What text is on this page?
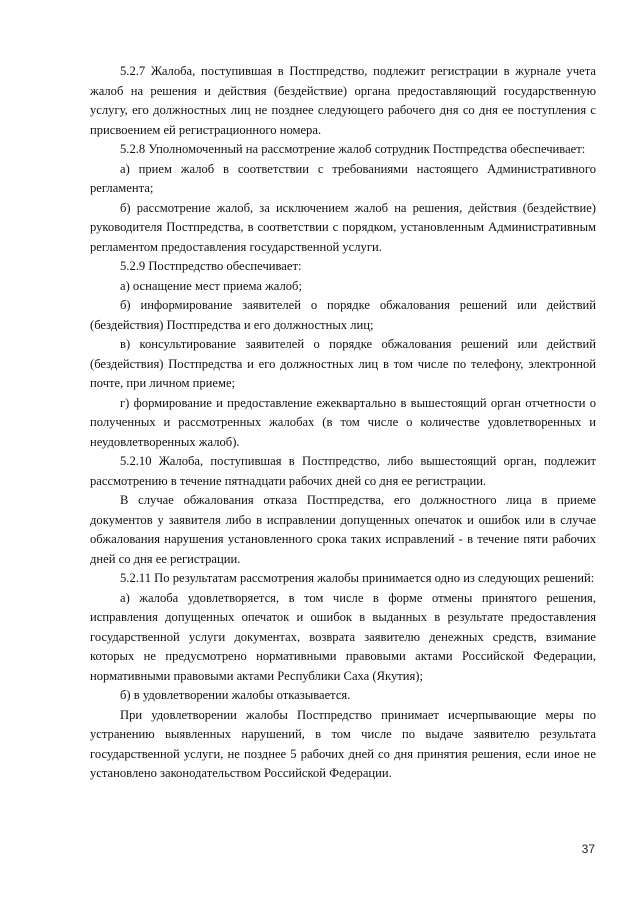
5.2.7 Жалоба, поступившая в Постпредство, подлежит регистрации в журнале учета жалоб на решения и действия (бездействие) органа предоставляющий государственную услугу, его должностных лиц не позднее следующего рабочего дня со дня ее поступления с присвоением ей регистрационного номера.

5.2.8 Уполномоченный на рассмотрение жалоб сотрудник Постпредства обеспечивает:

а) прием жалоб в соответствии с требованиями настоящего Административного регламента;

б) рассмотрение жалоб, за исключением жалоб на решения, действия (бездействие) руководителя Постпредства, в соответствии с порядком, установленным Административным регламентом предоставления государственной услуги.

5.2.9 Постпредство обеспечивает:

а) оснащение мест приема жалоб;

б) информирование заявителей о порядке обжалования решений или действий (бездействия) Постпредства и его должностных лиц;

в) консультирование заявителей о порядке обжалования решений или действий (бездействия) Постпредства и его должностных лиц в том числе по телефону, электронной почте, при личном приеме;

г) формирование и предоставление ежеквартально в вышестоящий орган отчетности о полученных и рассмотренных жалобах (в том числе о количестве удовлетворенных и неудовлетворенных жалоб).

5.2.10 Жалоба, поступившая в Постпредство, либо вышестоящий орган, подлежит рассмотрению в течение пятнадцати рабочих дней со дня ее регистрации.

В случае обжалования отказа Постпредства, его должностного лица в приеме документов у заявителя либо в исправлении допущенных опечаток и ошибок или в случае обжалования нарушения установленного срока таких исправлений - в течение пяти рабочих дней со дня ее регистрации.

5.2.11 По результатам рассмотрения жалобы принимается одно из следующих решений:

а) жалоба удовлетворяется, в том числе в форме отмены принятого решения, исправления допущенных опечаток и ошибок в выданных в результате предоставления государственной услуги документах, возврата заявителю денежных средств, взимание которых не предусмотрено нормативными правовыми актами Российской Федерации, нормативными правовыми актами Республики Саха (Якутия);

б) в удовлетворении жалобы отказывается.

При удовлетворении жалобы Постпредство принимает исчерпывающие меры по устранению выявленных нарушений, в том числе по выдаче заявителю результата государственной услуги, не позднее 5 рабочих дней со дня принятия решения, если иное не установлено законодательством Российской Федерации.

37
